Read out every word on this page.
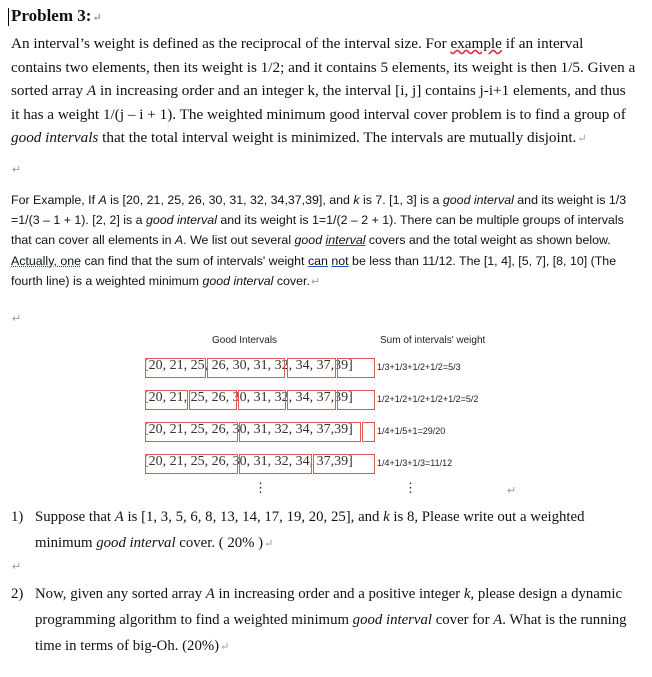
Problem 3:↵
An interval’s weight is defined as the reciprocal of the interval size. For example if an interval contains two elements, then its weight is 1/2; and it contains 5 elements, its weight is then 1/5. Given a sorted array A in increasing order and an integer k, the interval [i, j] contains j-i+1 elements, and thus it has a weight 1/(j – i + 1). The weighted minimum good interval cover problem is to find a group of good intervals that the total interval weight is minimized. The intervals are mutually disjoint.↵
↵
For Example, If A is [20, 21, 25, 26, 30, 31, 32, 34,37,39], and k is 7. [1, 3] is a good interval and its weight is 1/3 =1/(3 – 1 + 1). [2, 2] is a good interval and its weight is 1=1/(2 – 2 + 1). There can be multiple groups of intervals that can cover all elements in A. We list out several good interval covers and the total weight as shown below. Actually, one can find that the sum of intervals' weight can not be less than 11/12. The [1, 4], [5, 7], [8, 10] (The fourth line) is a weighted minimum good interval cover.↵
↵
Good Intervals	Sum of intervals' weight
[20, 21, 25, 26, 30, 31, 32, 34, 37,39]	1/3+1/3+1/2+1/2=5/3
[20, 21, 25, 26, 30, 31, 32, 34, 37,39]	1/2+1/2+1/2+1/2+1/2=5/2
[20, 21, 25, 26, 30, 31, 32, 34, 37,39]	1/4+1/5+1=29/20
[20, 21, 25, 26, 30, 31, 32, 34, 37,39]	1/4+1/3+1/3=11/12
⋮	⋮	↵
1) Suppose that A is [1, 3, 5, 6, 8, 13, 14, 17, 19, 20, 25], and k is 8, Please write out a weighted minimum good interval cover. ( 20% )↵
↵
2) Now, given any sorted array A in increasing order and a positive integer k, please design a dynamic programming algorithm to find a weighted minimum good interval cover for A. What is the running time in terms of big-Oh. (20%)↵
